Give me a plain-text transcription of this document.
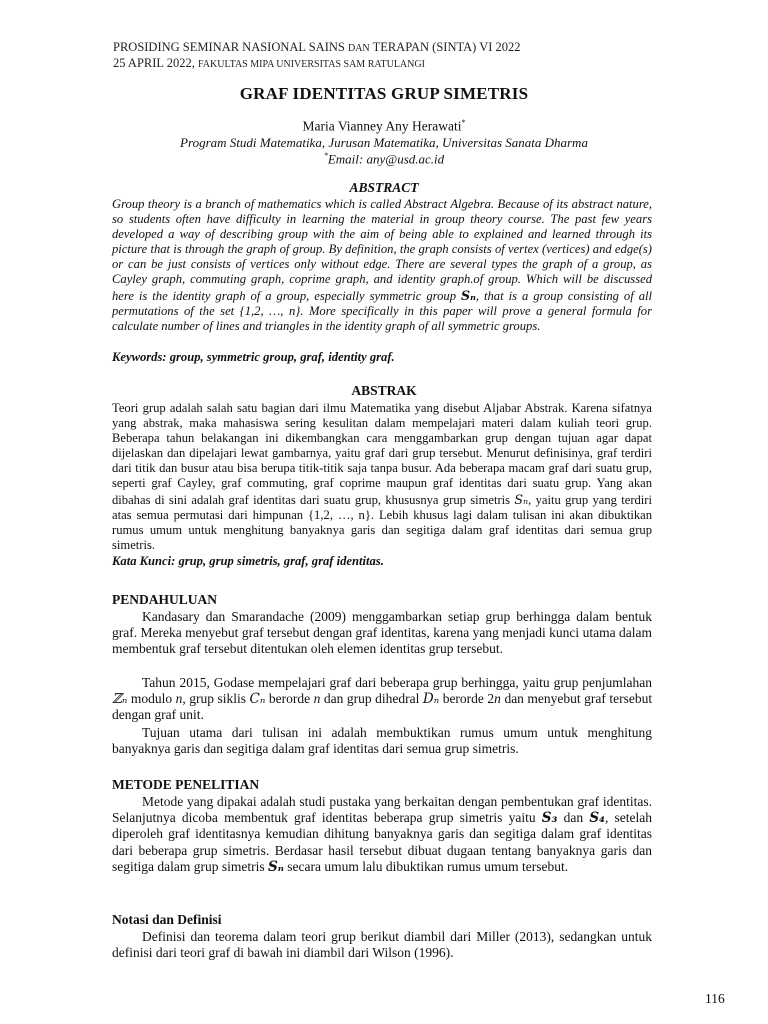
PROSIDING SEMINAR NASIONAL SAINS DAN TERAPAN (SINTA) VI 2022
25 APRIL 2022, FAKULTAS MIPA UNIVERSITAS SAM RATULANGI
GRAF IDENTITAS GRUP SIMETRIS
Maria Vianney Any Herawati*
Program Studi Matematika, Jurusan Matematika, Universitas Sanata Dharma
*Email: any@usd.ac.id
ABSTRACT
Group theory is a branch of mathematics which is called Abstract Algebra. Because of its abstract nature, so students often have difficulty in learning the material in group theory course. The past few years developed a way of describing group with the aim of being able to explained and learned through its picture that is through the graph of group. By definition, the graph consists of vertex (vertices) and edge(s) or can be just consists of vertices only without edge. There are several types the graph of a group, as Cayley graph, commuting graph, coprime graph, and identity graph.of group. Which will be discussed here is the identity graph of a group, especially symmetric group Sₙ, that is a group consisting of all permutations of the set {1,2, …, n}. More specifically in this paper will prove a general formula for calculate number of lines and triangles in the identity graph of all symmetric groups.
Keywords: group, symmetric group, graf, identity graf.
ABSTRAK
Teori grup adalah salah satu bagian dari ilmu Matematika yang disebut Aljabar Abstrak. Karena sifatnya yang abstrak, maka mahasiswa sering kesulitan dalam mempelajari materi dalam kuliah teori grup. Beberapa tahun belakangan ini dikembangkan cara menggambarkan grup dengan tujuan agar dapat dijelaskan dan dipelajari lewat gambarnya, yaitu graf dari grup tersebut. Menurut definisinya, graf terdiri dari titik dan busur atau bisa berupa titik-titik saja tanpa busur. Ada beberapa macam graf dari suatu grup, seperti graf Cayley, graf commuting, graf coprime maupun graf identitas dari suatu grup. Yang akan dibahas di sini adalah graf identitas dari suatu grup, khususnya grup simetris Sₙ, yaitu grup yang terdiri atas semua permutasi dari himpunan {1,2, …, n}. Lebih khusus lagi dalam tulisan ini akan dibuktikan rumus umum untuk menghitung banyaknya garis dan segitiga dalam graf identitas dari semua grup simetris.
Kata Kunci: grup, grup simetris, graf, graf identitas.
PENDAHULUAN
Kandasary dan Smarandache (2009) menggambarkan setiap grup berhingga dalam bentuk graf. Mereka menyebut graf tersebut dengan graf identitas, karena yang menjadi kunci utama dalam membentuk graf tersebut ditentukan oleh elemen identitas grup tersebut.
Tahun 2015, Godase mempelajari graf dari beberapa grup berhingga, yaitu grup penjumlahan ℤₙ modulo n, grup siklis Cₙ berorde n dan grup dihedral Dₙ berorde 2n dan menyebut graf tersebut dengan graf unit.
Tujuan utama dari tulisan ini adalah membuktikan rumus umum untuk menghitung banyaknya garis dan segitiga dalam graf identitas dari semua grup simetris.
METODE PENELITIAN
Metode yang dipakai adalah studi pustaka yang berkaitan dengan pembentukan graf identitas. Selanjutnya dicoba membentuk graf identitas beberapa grup simetris yaitu S₃ dan S₄, setelah diperoleh graf identitasnya kemudian dihitung banyaknya garis dan segitiga dalam graf identitas dari beberapa grup simetris. Berdasar hasil tersebut dibuat dugaan tentang banyaknya garis dan segitiga dalam grup simetris Sₙ secara umum lalu dibuktikan rumus umum tersebut.
Notasi dan Definisi
Definisi dan teorema dalam teori grup berikut diambil dari Miller (2013), sedangkan untuk definisi dari teori graf di bawah ini diambil dari Wilson (1996).
116
